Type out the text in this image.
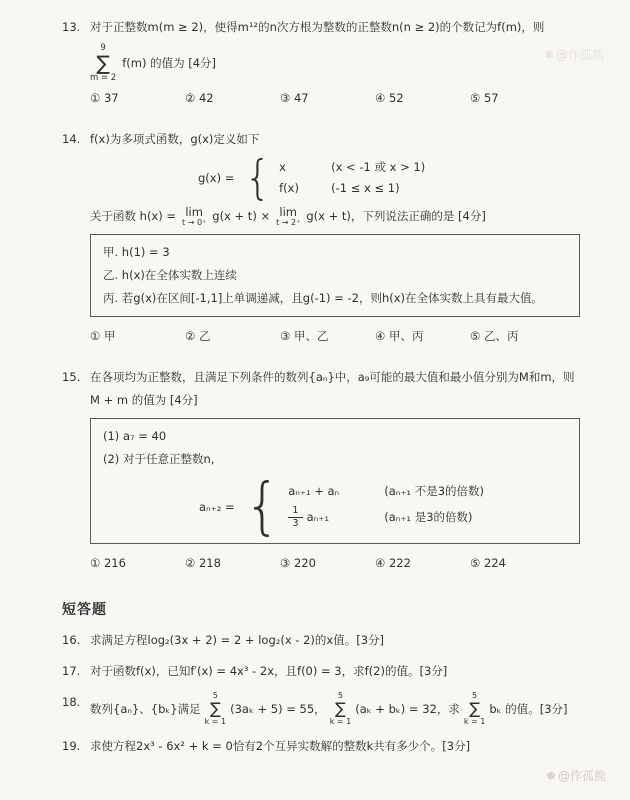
❅ @作孤熊
13. 对于正整数m(m ≥ 2)，使得m¹²的n次方根为整数的正整数n(n ≥ 2)的个数记为f(m)，则
9
∑
m = 2
f(m) 的值为 [4分]
① 37	② 42	③ 47	④ 52	⑤ 57
14. f(x)为多项式函数，g(x)定义如下
g(x) = { x	(x < -1 或 x > 1)
f(x)	(-1 ≤ x ≤ 1)
关于函数 h(x) = lim
t → 0⁺ g(x + t) × lim
t → 2⁺ g(x + t)，下列说法正确的是 [4分]
甲. h(1) = 3
乙. h(x)在全体实数上连续
丙. 若g(x)在区间[-1,1]上单调递减，且g(-1) = -2，则h(x)在全体实数上具有最大值。
① 甲	② 乙	③ 甲、乙	④ 甲、丙	⑤ 乙、丙
15. 在各项均为正整数，且满足下列条件的数列{aₙ}中，a₉可能的最大值和最小值分别为M和m，则
M + m 的值为 [4分]
(1) a₇ = 40
(2) 对于任意正整数n,
aₙ₊₂ = { aₙ₊₁ + aₙ	(aₙ₊₁ 不是3的倍数)
$\frac{1}{3} a_{n+1}$	(aₙ₊₁ 是3的倍数)
① 216	② 218	③ 220	④ 222	⑤ 224
短答题
16. 求满足方程log₂(3x + 2) = 2 + log₂(x - 2)的x值。[3分]
17. 对于函数f(x)，已知f′(x) = 4x³ - 2x，且f(0) = 3，求f(2)的值。[3分]
18. 数列{aₙ}、{bₖ}满足
5
∑
k = 1
(3aₖ + 5) = 55，
5
∑
k = 1
(aₖ + bₖ) = 32，求
5
∑
k = 1
bₖ 的值。[3分]
19. 求使方程2x³ - 6x² + k = 0恰有2个互异实数解的整数k共有多少个。[3分]
❅ @作孤熊
